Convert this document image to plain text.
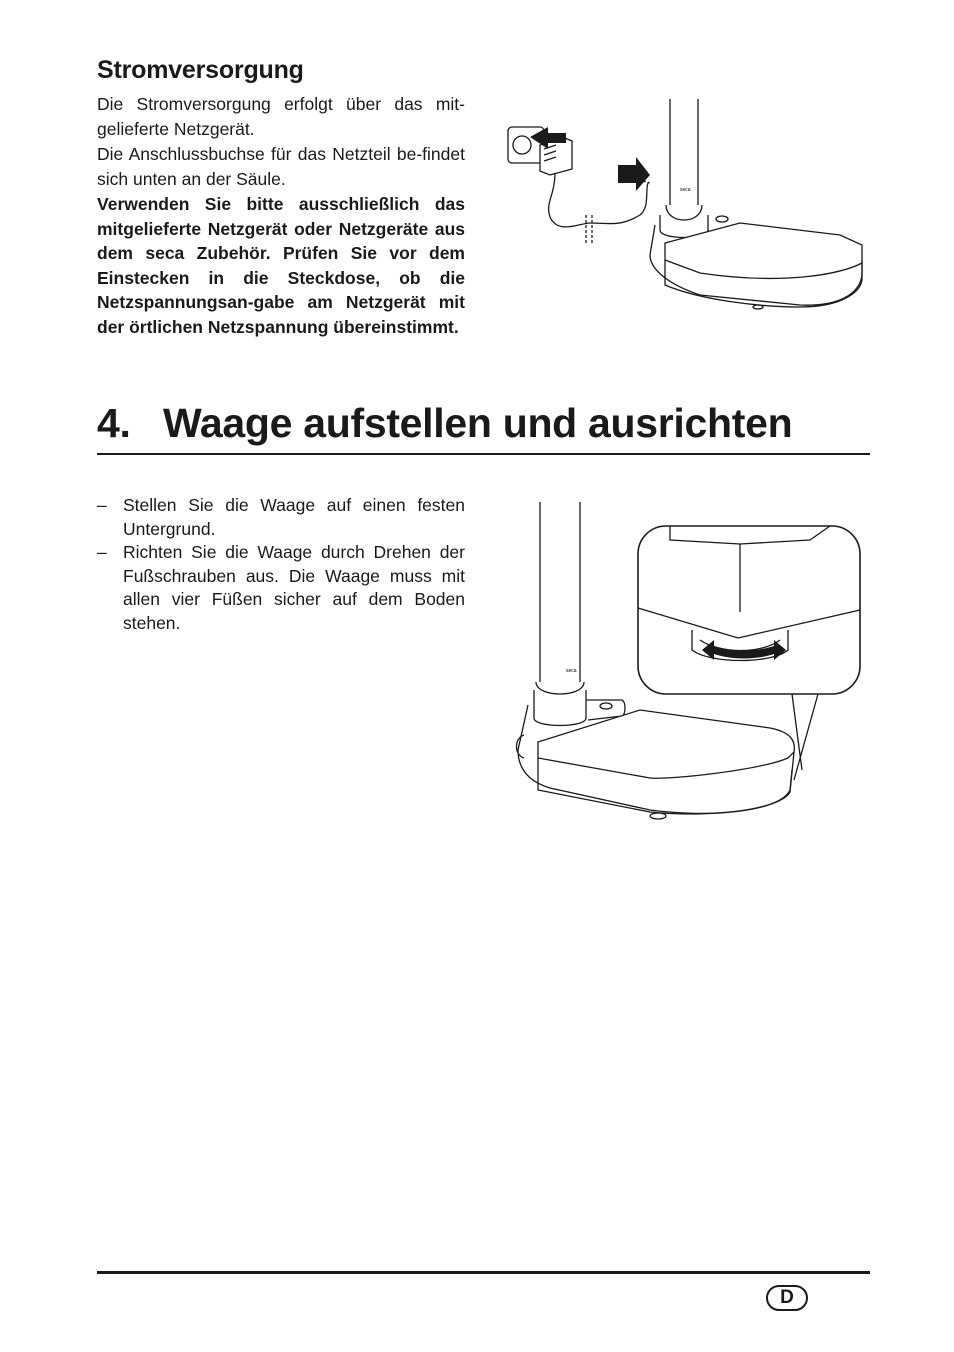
Stromversorgung

Die Stromversorgung erfolgt über das mit-gelieferte Netzgerät.

Die Anschlussbuchse für das Netzteil be-findet sich unten an der Säule.

Verwenden Sie bitte ausschließlich das mitgelieferte Netzgerät oder Netzgeräte aus dem seca Zubehör. Prüfen Sie vor dem Einstecken in die Steckdose, ob die Netzspannungsan-gabe am Netzgerät mit der örtlichen Netzspannung übereinstimmt.

seca
4. Waage aufstellen und ausrichten
– Stellen Sie die Waage auf einen festen Untergrund.
– Richten Sie die Waage durch Drehen der Fußschrauben aus. Die Waage muss mit allen vier Füßen sicher auf dem Boden stehen.
seca
D
